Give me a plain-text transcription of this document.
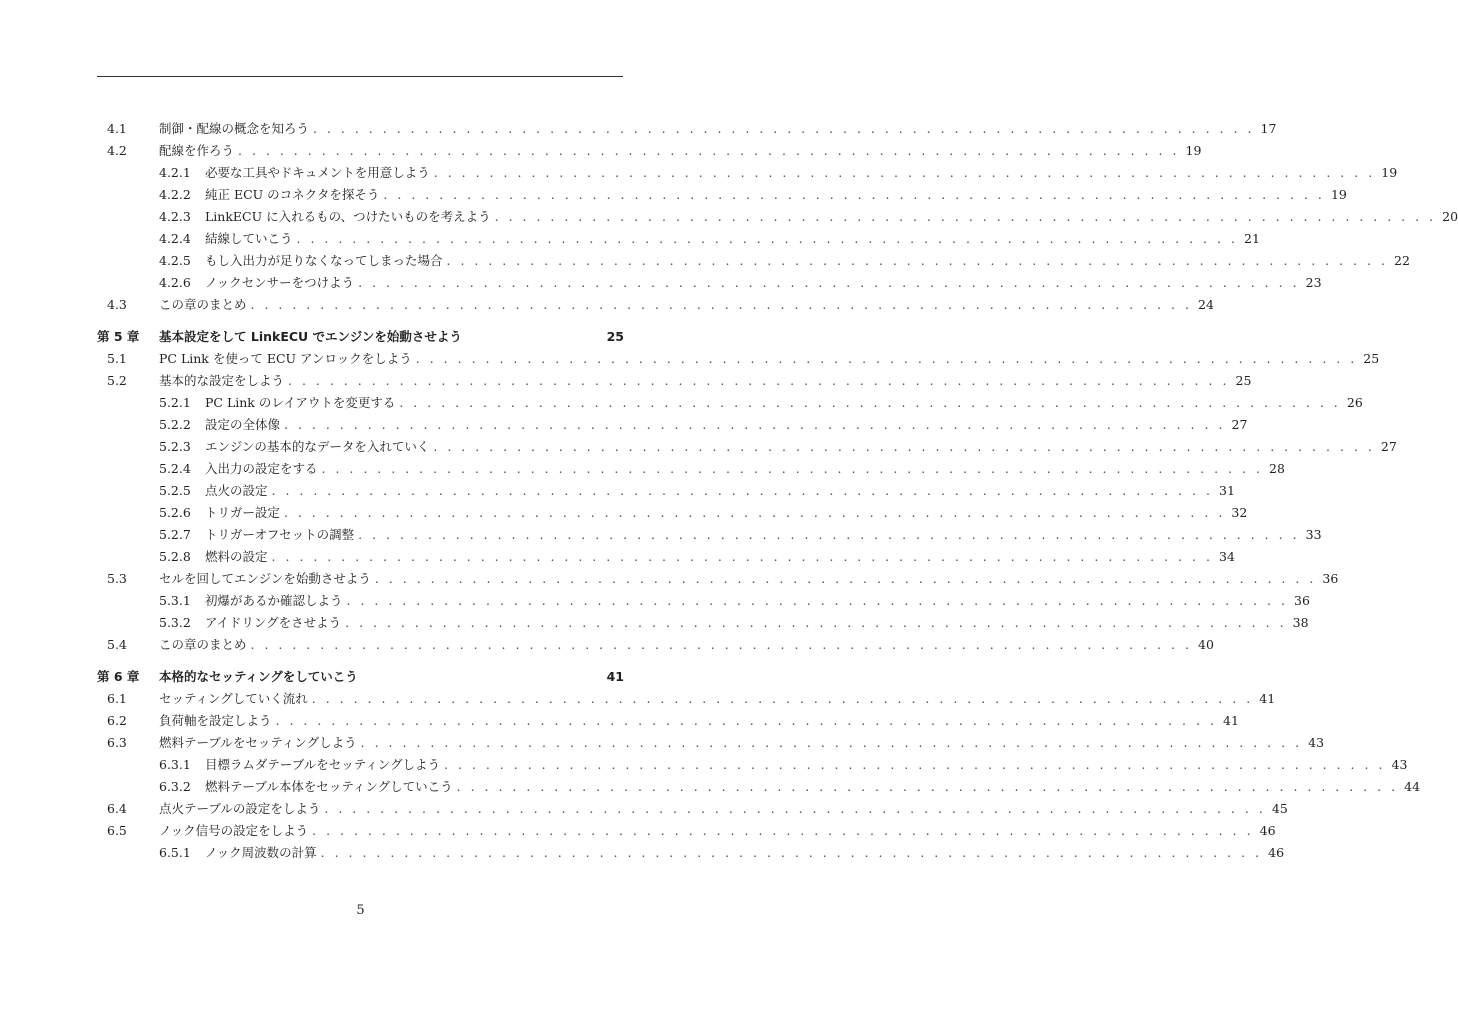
4.1	制御・配線の概念を知ろう . . . . . . . . . . . . . . . . . . . . . . . . . . . . . . . . . . . . . . . . . . . . . . . . . . . . . . . . . . . . . . . . . . . . 17
4.2	配線を作ろう . . . . . . . . . . . . . . . . . . . . . . . . . . . . . . . . . . . . . . . . . . . . . . . . . . . . . . . . . . . . . . . . . . . . 19
4.2.1 必要な工具やドキュメントを用意しよう . . . . . . . . . . . . . . . . . . . . . . . . . . . . . . . . . . . . . . . . . . . . . . . . . . . . . . . . . . . . . . . . . . . . 19
4.2.2 純正 ECU のコネクタを探そう . . . . . . . . . . . . . . . . . . . . . . . . . . . . . . . . . . . . . . . . . . . . . . . . . . . . . . . . . . . . . . . . . . . . 19
4.2.3 LinkECU に入れるもの、つけたいものを考えよう . . . . . . . . . . . . . . . . . . . . . . . . . . . . . . . . . . . . . . . . . . . . . . . . . . . . . . . . . . . . . . . . . . . . 20
4.2.4 結線していこう . . . . . . . . . . . . . . . . . . . . . . . . . . . . . . . . . . . . . . . . . . . . . . . . . . . . . . . . . . . . . . . . . . . . 21
4.2.5 もし入出力が足りなくなってしまった場合 . . . . . . . . . . . . . . . . . . . . . . . . . . . . . . . . . . . . . . . . . . . . . . . . . . . . . . . . . . . . . . . . . . . . 22
4.2.6 ノックセンサーをつけよう . . . . . . . . . . . . . . . . . . . . . . . . . . . . . . . . . . . . . . . . . . . . . . . . . . . . . . . . . . . . . . . . . . . . 23
4.3	この章のまとめ . . . . . . . . . . . . . . . . . . . . . . . . . . . . . . . . . . . . . . . . . . . . . . . . . . . . . . . . . . . . . . . . . . . . 24
第 5 章 基本設定をして LinkECU でエンジンを始動させよう	25
5.1	PC Link を使って ECU アンロックをしよう . . . . . . . . . . . . . . . . . . . . . . . . . . . . . . . . . . . . . . . . . . . . . . . . . . . . . . . . . . . . . . . . . . . . 25
5.2	基本的な設定をしよう . . . . . . . . . . . . . . . . . . . . . . . . . . . . . . . . . . . . . . . . . . . . . . . . . . . . . . . . . . . . . . . . . . . . 25
5.2.1 PC Link のレイアウトを変更する . . . . . . . . . . . . . . . . . . . . . . . . . . . . . . . . . . . . . . . . . . . . . . . . . . . . . . . . . . . . . . . . . . . . 26
5.2.2 設定の全体像 . . . . . . . . . . . . . . . . . . . . . . . . . . . . . . . . . . . . . . . . . . . . . . . . . . . . . . . . . . . . . . . . . . . . 27
5.2.3 エンジンの基本的なデータを入れていく . . . . . . . . . . . . . . . . . . . . . . . . . . . . . . . . . . . . . . . . . . . . . . . . . . . . . . . . . . . . . . . . . . . . 27
5.2.4 入出力の設定をする . . . . . . . . . . . . . . . . . . . . . . . . . . . . . . . . . . . . . . . . . . . . . . . . . . . . . . . . . . . . . . . . . . . . 28
5.2.5 点火の設定 . . . . . . . . . . . . . . . . . . . . . . . . . . . . . . . . . . . . . . . . . . . . . . . . . . . . . . . . . . . . . . . . . . . . 31
5.2.6 トリガー設定 . . . . . . . . . . . . . . . . . . . . . . . . . . . . . . . . . . . . . . . . . . . . . . . . . . . . . . . . . . . . . . . . . . . . 32
5.2.7 トリガーオフセットの調整 . . . . . . . . . . . . . . . . . . . . . . . . . . . . . . . . . . . . . . . . . . . . . . . . . . . . . . . . . . . . . . . . . . . . 33
5.2.8 燃料の設定 . . . . . . . . . . . . . . . . . . . . . . . . . . . . . . . . . . . . . . . . . . . . . . . . . . . . . . . . . . . . . . . . . . . . 34
5.3	セルを回してエンジンを始動させよう . . . . . . . . . . . . . . . . . . . . . . . . . . . . . . . . . . . . . . . . . . . . . . . . . . . . . . . . . . . . . . . . . . . . 36
5.3.1 初爆があるか確認しよう . . . . . . . . . . . . . . . . . . . . . . . . . . . . . . . . . . . . . . . . . . . . . . . . . . . . . . . . . . . . . . . . . . . . 36
5.3.2 アイドリングをさせよう . . . . . . . . . . . . . . . . . . . . . . . . . . . . . . . . . . . . . . . . . . . . . . . . . . . . . . . . . . . . . . . . . . . . 38
5.4	この章のまとめ . . . . . . . . . . . . . . . . . . . . . . . . . . . . . . . . . . . . . . . . . . . . . . . . . . . . . . . . . . . . . . . . . . . . 40
第 6 章 本格的なセッティングをしていこう	41
6.1	セッティングしていく流れ . . . . . . . . . . . . . . . . . . . . . . . . . . . . . . . . . . . . . . . . . . . . . . . . . . . . . . . . . . . . . . . . . . . . 41
6.2	負荷軸を設定しよう . . . . . . . . . . . . . . . . . . . . . . . . . . . . . . . . . . . . . . . . . . . . . . . . . . . . . . . . . . . . . . . . . . . . 41
6.3	燃料テーブルをセッティングしよう . . . . . . . . . . . . . . . . . . . . . . . . . . . . . . . . . . . . . . . . . . . . . . . . . . . . . . . . . . . . . . . . . . . . 43
6.3.1 目標ラムダテーブルをセッティングしよう . . . . . . . . . . . . . . . . . . . . . . . . . . . . . . . . . . . . . . . . . . . . . . . . . . . . . . . . . . . . . . . . . . . . 43
6.3.2 燃料テーブル本体をセッティングしていこう . . . . . . . . . . . . . . . . . . . . . . . . . . . . . . . . . . . . . . . . . . . . . . . . . . . . . . . . . . . . . . . . . . . . 44
6.4	点火テーブルの設定をしよう . . . . . . . . . . . . . . . . . . . . . . . . . . . . . . . . . . . . . . . . . . . . . . . . . . . . . . . . . . . . . . . . . . . . 45
6.5	ノック信号の設定をしよう . . . . . . . . . . . . . . . . . . . . . . . . . . . . . . . . . . . . . . . . . . . . . . . . . . . . . . . . . . . . . . . . . . . . 46
6.5.1 ノック周波数の計算 . . . . . . . . . . . . . . . . . . . . . . . . . . . . . . . . . . . . . . . . . . . . . . . . . . . . . . . . . . . . . . . . . . . . 46
5
